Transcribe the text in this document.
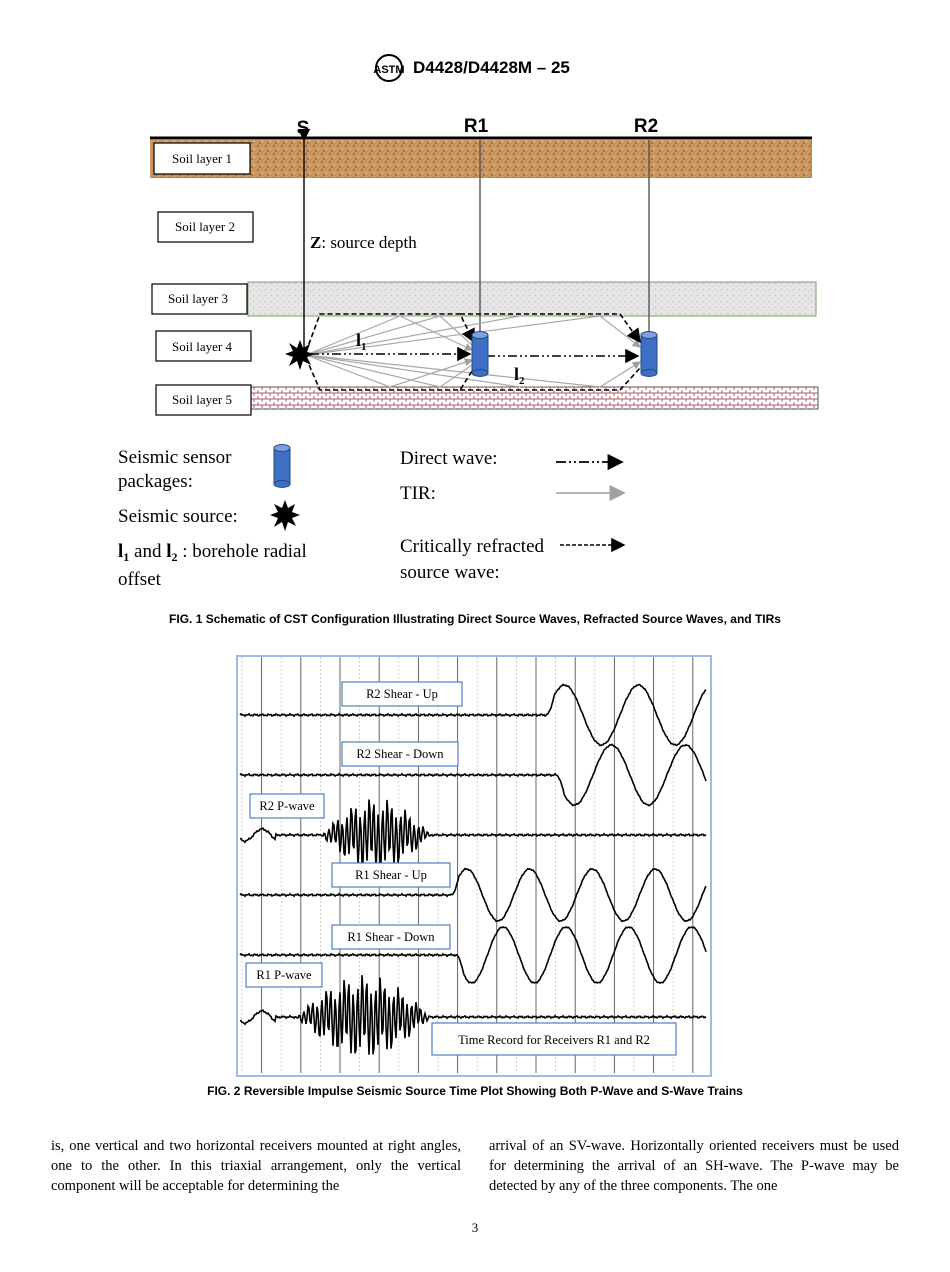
ASTM D4428/D4428M – 25
S	R1	R2
Soil layer 1
Soil layer 2
Soil layer 3
Soil layer 4
Soil layer 5
Z: source depth
$l_1$
$l_2$
Seismic sensor
packages:
Seismic source:
$l_1$ and $l_2$ : borehole radial
offset
Direct wave:
TIR:
Critically refracted
source wave:
FIG. 1 Schematic of CST Configuration Illustrating Direct Source Waves, Refracted Source Waves, and TIRs
R2 Shear - Up
R2 Shear - Down
R2 P-wave
R1 Shear - Up
R1 Shear - Down
R1 P-wave
Time Record for Receivers R1 and R2
FIG. 2 Reversible Impulse Seismic Source Time Plot Showing Both P-Wave and S-Wave Trains

is, one vertical and two horizontal receivers mounted at right angles, one to the other. In this triaxial arrangement, only the vertical component will be acceptable for determining the

arrival of an SV-wave. Horizontally oriented receivers must be used for determining the arrival of an SH-wave. The P-wave may be detected by any of the three components. The one

3
